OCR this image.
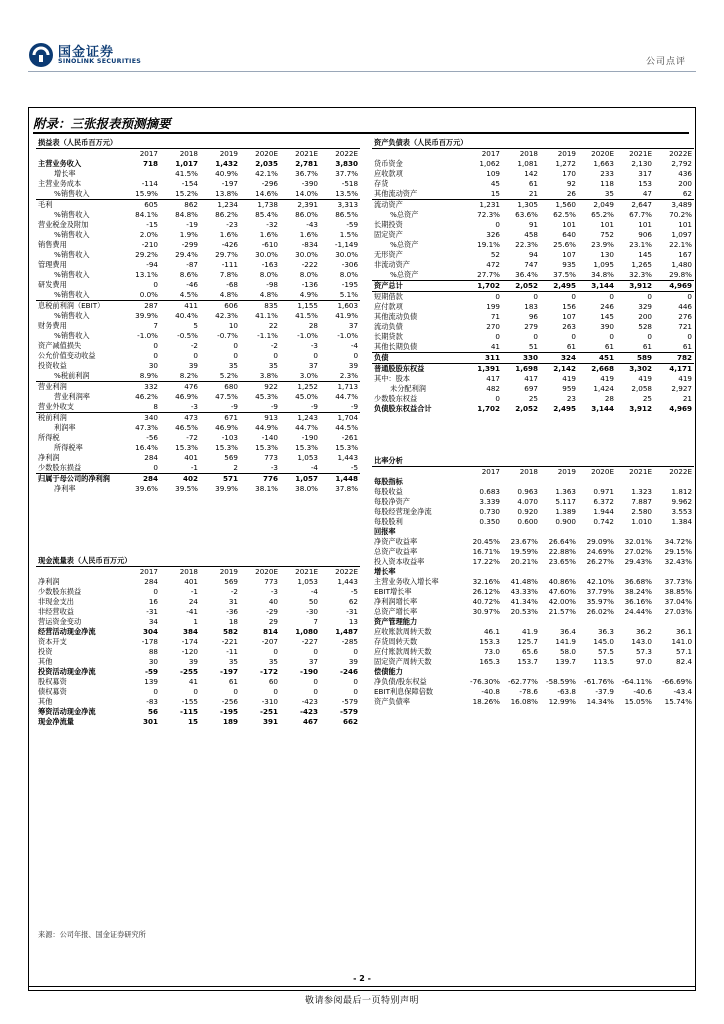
国金证券
SINOLINK SECURITIES	公司点评
附录：三张报表预测摘要
损益表（人民币百万元）						
	2017	2018	2019	2020E	2021E	2022E
主营业务收入	718	1,017	1,432	2,035	2,781	3,830
增长率		41.5%	40.9%	42.1%	36.7%	37.7%
主营业务成本	-114	-154	-197	-296	-390	-518
%销售收入	15.9%	15.2%	13.8%	14.6%	14.0%	13.5%
毛利	605	862	1,234	1,738	2,391	3,313
%销售收入	84.1%	84.8%	86.2%	85.4%	86.0%	86.5%
营业税金及附加	-15	-19	-23	-32	-43	-59
%销售收入	2.0%	1.9%	1.6%	1.6%	1.6%	1.5%
销售费用	-210	-299	-426	-610	-834	-1,149
%销售收入	29.2%	29.4%	29.7%	30.0%	30.0%	30.0%
管理费用	-94	-87	-111	-163	-222	-306
%销售收入	13.1%	8.6%	7.8%	8.0%	8.0%	8.0%
研发费用	0	-46	-68	-98	-136	-195
%销售收入	0.0%	4.5%	4.8%	4.8%	4.9%	5.1%
息税前利润（EBIT）	287	411	606	835	1,155	1,603
%销售收入	39.9%	40.4%	42.3%	41.1%	41.5%	41.9%
财务费用	7	5	10	22	28	37
%销售收入	-1.0%	-0.5%	-0.7%	-1.1%	-1.0%	-1.0%
资产减值损失	0	-2	0	-2	-3	-4
公允价值变动收益	0	0	0	0	0	0
投资收益	30	39	35	35	37	39
%税前利润	8.9%	8.2%	5.2%	3.8%	3.0%	2.3%
营业利润	332	476	680	922	1,252	1,713
营业利润率	46.2%	46.9%	47.5%	45.3%	45.0%	44.7%
营业外收支	8	-3	-9	-9	-9	-9
税前利润	340	473	671	913	1,243	1,704
利润率	47.3%	46.5%	46.9%	44.9%	44.7%	44.5%
所得税	-56	-72	-103	-140	-190	-261
所得税率	16.4%	15.3%	15.3%	15.3%	15.3%	15.3%
净利润	284	401	569	773	1,053	1,443
少数股东损益	0	-1	2	-3	-4	-5
归属于母公司的净利润	284	402	571	776	1,057	1,448
净利率	39.6%	39.5%	39.9%	38.1%	38.0%	37.8%
现金流量表（人民币百万元）						
	2017	2018	2019	2020E	2021E	2022E
净利润	284	401	569	773	1,053	1,443
少数股东损益	0	-1	-2	-3	-4	-5
非现金支出	16	24	31	40	50	62
非经营收益	-31	-41	-36	-29	-30	-31
营运资金变动	34	1	18	29	7	13
经营活动现金净流	304	384	582	814	1,080	1,487
资本开支	-178	-174	-221	-207	-227	-285
投资	88	-120	-11	0	0	0
其他	30	39	35	35	37	39
投资活动现金净流	-59	-255	-197	-172	-190	-246
股权募资	139	41	61	60	0	0
债权募资	0	0	0	0	0	0
其他	-83	-155	-256	-310	-423	-579
筹资活动现金净流	56	-115	-195	-251	-423	-579
现金净流量	301	15	189	391	467	662
资产负债表（人民币百万元）						
	2017	2018	2019	2020E	2021E	2022E
货币资金	1,062	1,081	1,272	1,663	2,130	2,792
应收款项	109	142	170	233	317	436
存货	45	61	92	118	153	200
其他流动资产	15	21	26	35	47	62
流动资产	1,231	1,305	1,560	2,049	2,647	3,489
%总资产	72.3%	63.6%	62.5%	65.2%	67.7%	70.2%
长期投资	0	91	101	101	101	101
固定资产	326	458	640	752	906	1,097
%总资产	19.1%	22.3%	25.6%	23.9%	23.1%	22.1%
无形资产	52	94	107	130	145	167
非流动资产	472	747	935	1,095	1,265	1,480
%总资产	27.7%	36.4%	37.5%	34.8%	32.3%	29.8%
资产总计	1,702	2,052	2,495	3,144	3,912	4,969
短期借款	0	0	0	0	0	0
应付款项	199	183	156	246	329	446
其他流动负债	71	96	107	145	200	276
流动负债	270	279	263	390	528	721
长期贷款	0	0	0	0	0	0
其他长期负债	41	51	61	61	61	61
负债	311	330	324	451	589	782
普通股股东权益	1,391	1,698	2,142	2,668	3,302	4,171
其中：股本	417	417	419	419	419	419
未分配利润	482	697	959	1,424	2,058	2,927
少数股东权益	0	25	23	28	25	21
负债股东权益合计	1,702	2,052	2,495	3,144	3,912	4,969
比率分析						
	2017	2018	2019	2020E	2021E	2022E
每股指标						
每股收益	0.683	0.963	1.363	0.971	1.323	1.812
每股净资产	3.339	4.070	5.117	6.372	7.887	9.962
每股经营现金净流	0.730	0.920	1.389	1.944	2.580	3.553
每股股利	0.350	0.600	0.900	0.742	1.010	1.384
回报率						
净资产收益率	20.45%	23.67%	26.64%	29.09%	32.01%	34.72%
总资产收益率	16.71%	19.59%	22.88%	24.69%	27.02%	29.15%
投入资本收益率	17.22%	20.21%	23.65%	26.27%	29.43%	32.43%
增长率						
主营业务收入增长率	32.16%	41.48%	40.86%	42.10%	36.68%	37.73%
EBIT增长率	26.12%	43.33%	47.60%	37.79%	38.24%	38.85%
净利润增长率	40.72%	41.34%	42.00%	35.97%	36.16%	37.04%
总资产增长率	30.97%	20.53%	21.57%	26.02%	24.44%	27.03%
资产管理能力						
应收账款周转天数	46.1	41.9	36.4	36.3	36.2	36.1
存货周转天数	153.3	125.7	141.9	145.0	143.0	141.0
应付账款周转天数	73.0	65.6	58.0	57.5	57.3	57.1
固定资产周转天数	165.3	153.7	139.7	113.5	97.0	82.4
偿债能力						
净负债/股东权益	-76.30%	-62.77%	-58.59%	-61.76%	-64.11%	-66.69%
EBIT利息保障倍数	-40.8	-78.6	-63.8	-37.9	-40.6	-43.4
资产负债率	18.26%	16.08%	12.99%	14.34%	15.05%	15.74%
来源：公司年报、国金证券研究所
- 2 -
敬请参阅最后一页特别声明
